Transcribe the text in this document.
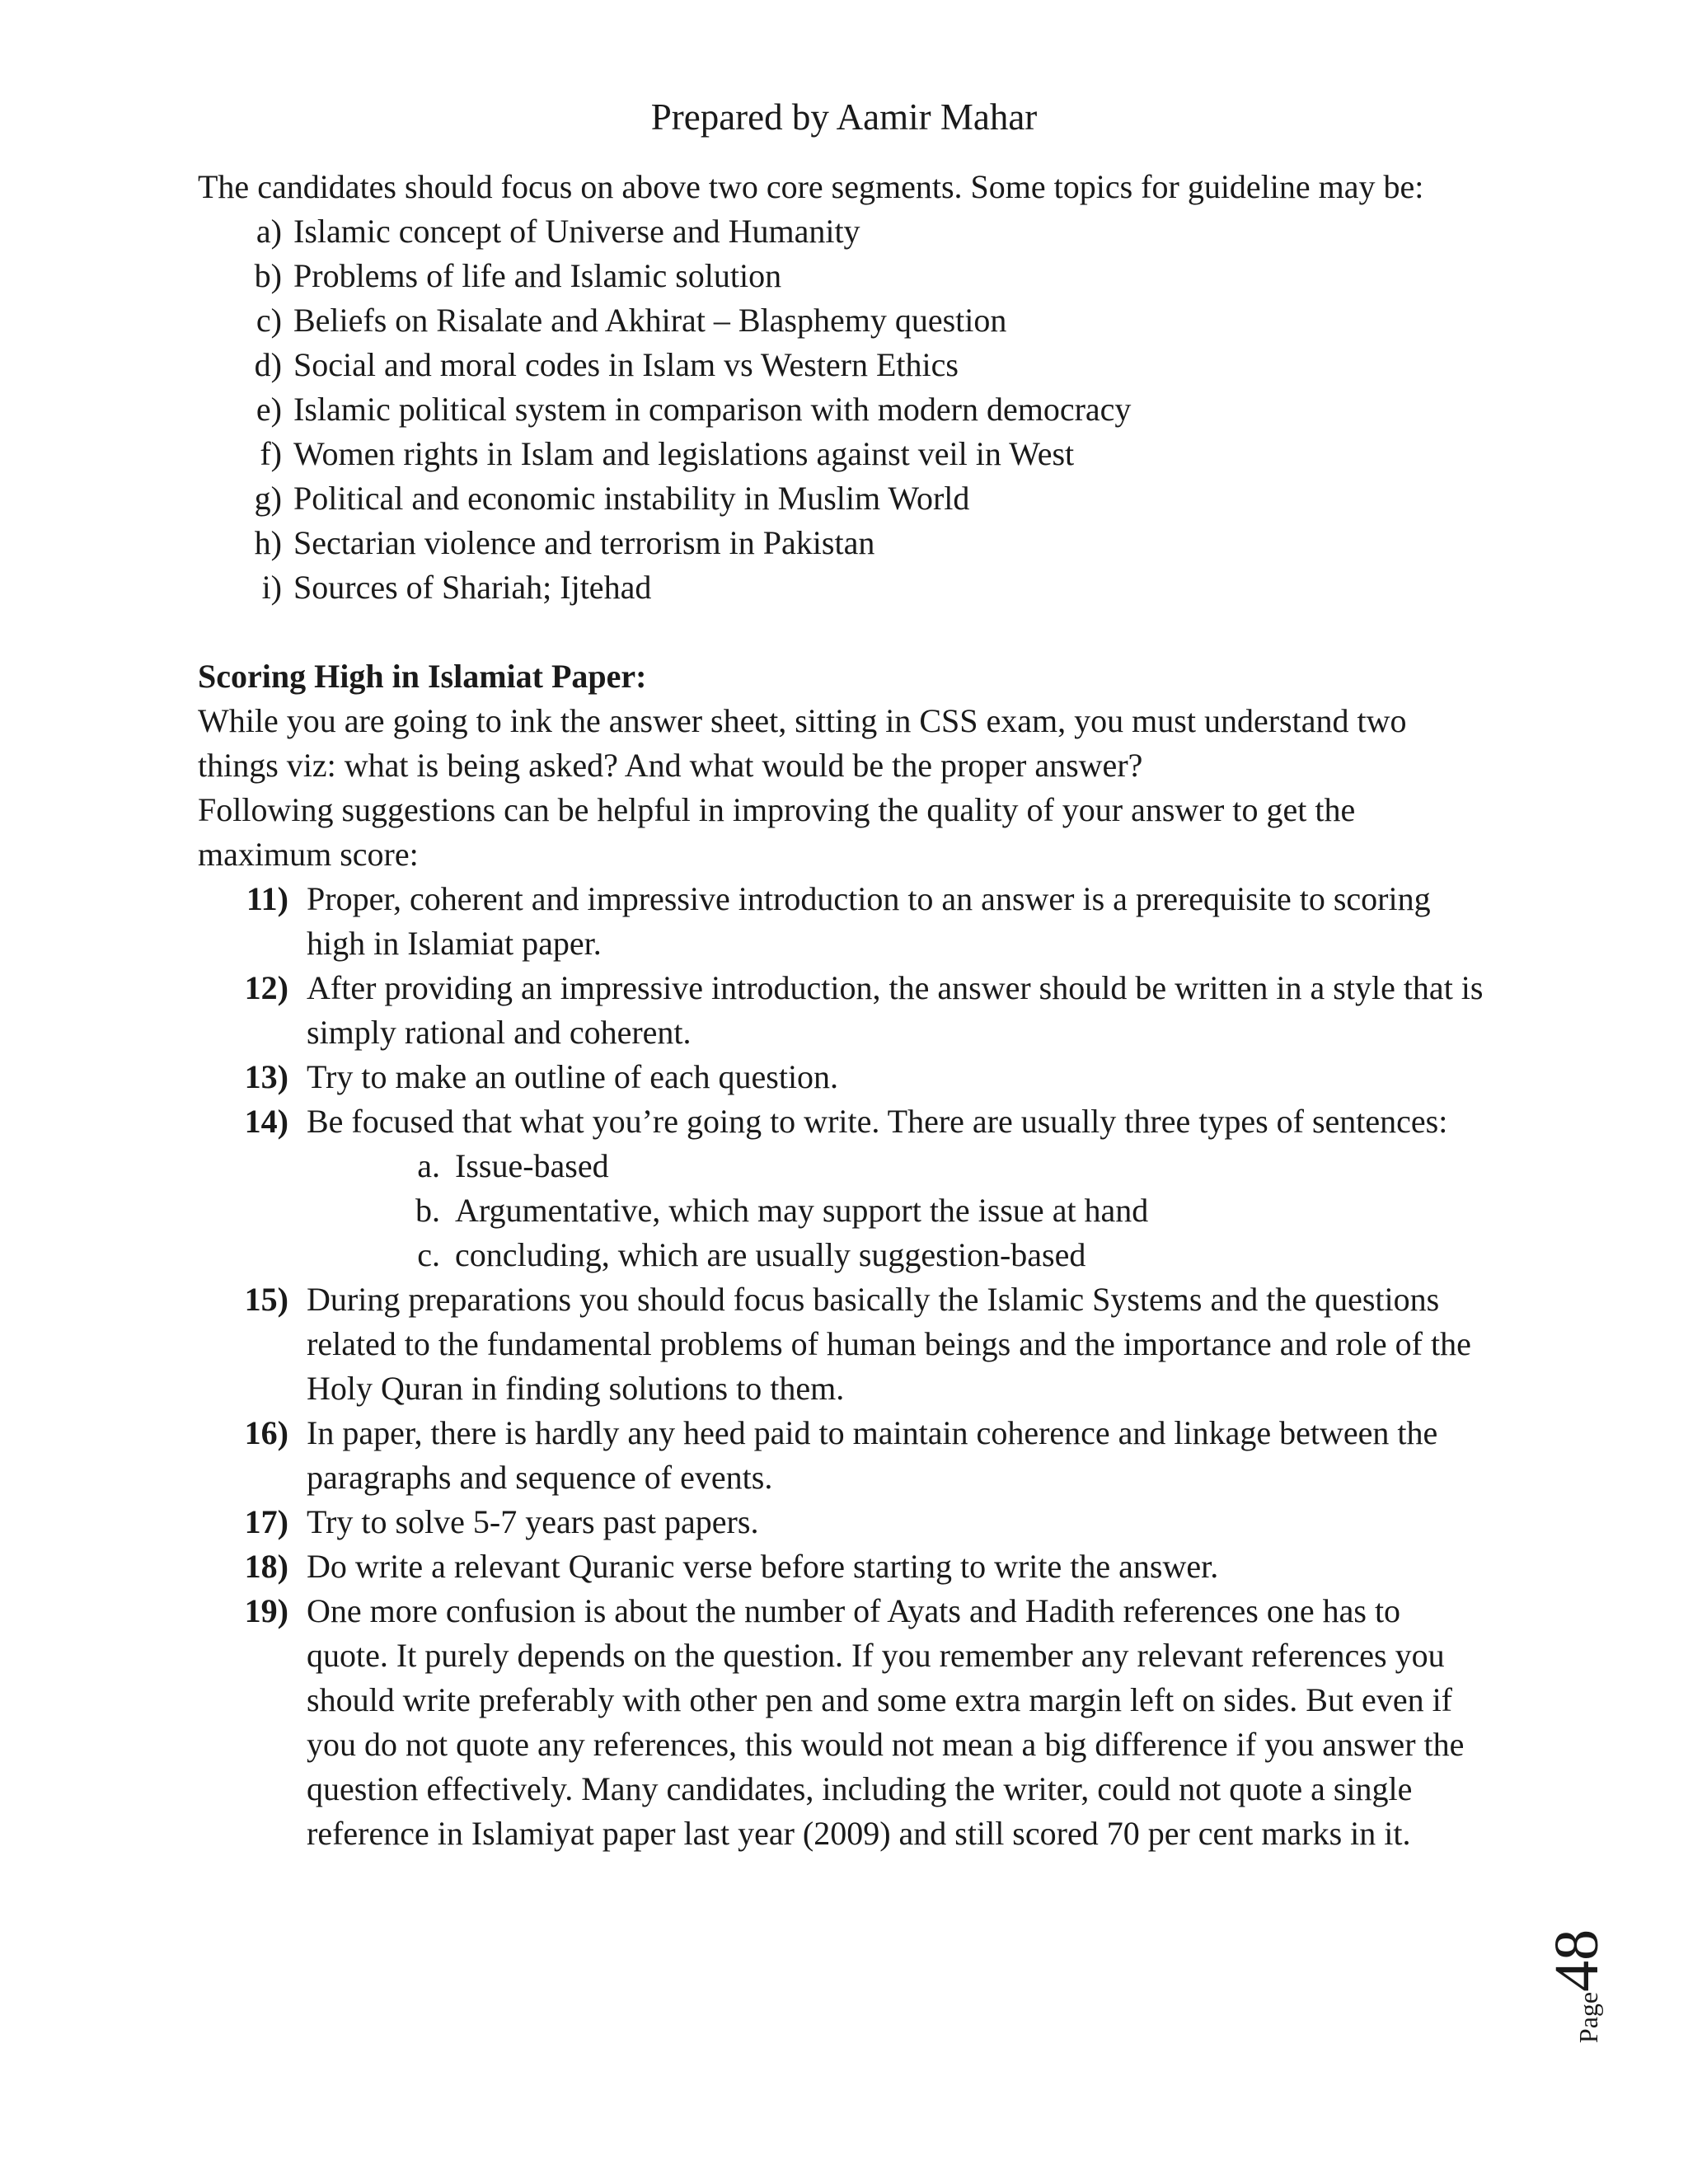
Prepared by Aamir Mahar

The candidates should focus on above two core segments. Some topics for guideline may be:

a) Islamic concept of Universe and Humanity
b) Problems of life and Islamic solution
c) Beliefs on Risalate and Akhirat – Blasphemy question
d) Social and moral codes in Islam vs Western Ethics
e) Islamic political system in comparison with modern democracy
f) Women rights in Islam and legislations against veil in West
g) Political and economic instability in Muslim World
h) Sectarian violence and terrorism in Pakistan
i) Sources of Shariah; Ijtehad

Scoring High in Islamiat Paper:

While you are going to ink the answer sheet, sitting in CSS exam, you must understand two things viz: what is being asked? And what would be the proper answer?

Following suggestions can be helpful in improving the quality of your answer to get the maximum score:

11) Proper, coherent and impressive introduction to an answer is a prerequisite to scoring high in Islamiat paper.
12) After providing an impressive introduction, the answer should be written in a style that is simply rational and coherent.
13) Try to make an outline of each question.
14) Be focused that what you’re going to write. There are usually three types of sentences:
a. Issue-based
b. Argumentative, which may support the issue at hand
c. concluding, which are usually suggestion-based
15) During preparations you should focus basically the Islamic Systems and the questions related to the fundamental problems of human beings and the importance and role of the Holy Quran in finding solutions to them.
16) In paper, there is hardly any heed paid to maintain coherence and linkage between the paragraphs and sequence of events.
17) Try to solve 5-7 years past papers.
18) Do write a relevant Quranic verse before starting to write the answer.
19) One more confusion is about the number of Ayats and Hadith references one has to quote. It purely depends on the question. If you remember any relevant references you should write preferably with other pen and some extra margin left on sides. But even if you do not quote any references, this would not mean a big difference if you answer the question effectively. Many candidates, including the writer, could not quote a single reference in Islamiyat paper last year (2009) and still scored 70 per cent marks in it.
Page
48
